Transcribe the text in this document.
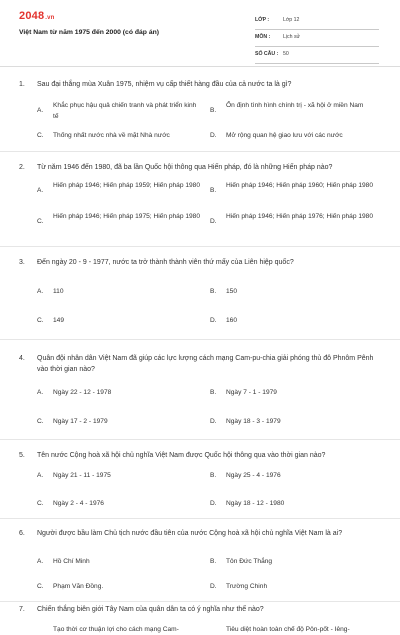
2048.vn
Việt Nam từ năm 1975 đến 2000 (có đáp án)
LỚP :	Lớp 12
MÔN : Lịch sử
SỐ CÂU : 50
1. Sau đại thắng mùa Xuân 1975, nhiệm vụ cấp thiết hàng đầu của cả nước ta là gì?
A.
Khắc phục hậu quả chiến tranh và phát triển kinh tế
B.
Ổn định tình hình chính trị - xã hội ở miền Nam
C. Thống nhất nước nhà về mặt Nhà nước	D. Mở rộng quan hệ giao lưu với các nước
2. Từ năm 1946 đến 1980, đã ba lần Quốc hội thông qua Hiến pháp, đó là những Hiến pháp nào?
A.
Hiến pháp 1946; Hiến pháp 1959; Hiến pháp 1980
B.
Hiến pháp 1946; Hiến pháp 1960; Hiến pháp 1980
C.
Hiến pháp 1946; Hiến pháp 1975; Hiến pháp 1980
D.
Hiến pháp 1946; Hiến pháp 1976; Hiến pháp 1980
3. Đến ngày 20 - 9 - 1977, nước ta trở thành thành viên thứ mấy của Liên hiệp quốc?
A. 110	B. 150
C. 149	D. 160
4. Quân đội nhân dân Việt Nam đã giúp các lực lượng cách mạng Cam-pu-chia giải phóng thủ đô Phnôm Pênh vào thời gian nào?
A. Ngày 22 - 12 - 1978	B. Ngày 7 - 1 - 1979
C. Ngày 17 - 2 - 1979	D. Ngày 18 - 3 - 1979
5. Tên nước Cộng hoà xã hội chủ nghĩa Việt Nam được Quốc hội thông qua vào thời gian nào?
A. Ngày 21 - 11 - 1975	B. Ngày 25 - 4 - 1976
C. Ngày 2 - 4 - 1976	D. Ngày 18 - 12 - 1980
6. Người được bầu làm Chủ tịch nước đầu tiên của nước Cộng hoà xã hội chủ nghĩa Việt Nam là ai?
A. Hồ Chí Minh	B. Tôn Đức Thắng
C. Phạm Văn Đồng.	D. Trường Chinh
7. Chiến thắng biên giới Tây Nam của quân dân ta có ý nghĩa như thế nào?
Tạo thời cơ thuận lợi cho cách mạng Cam-	Tiêu diệt hoàn toàn chế độ Pôn-pốt - Iêng-
